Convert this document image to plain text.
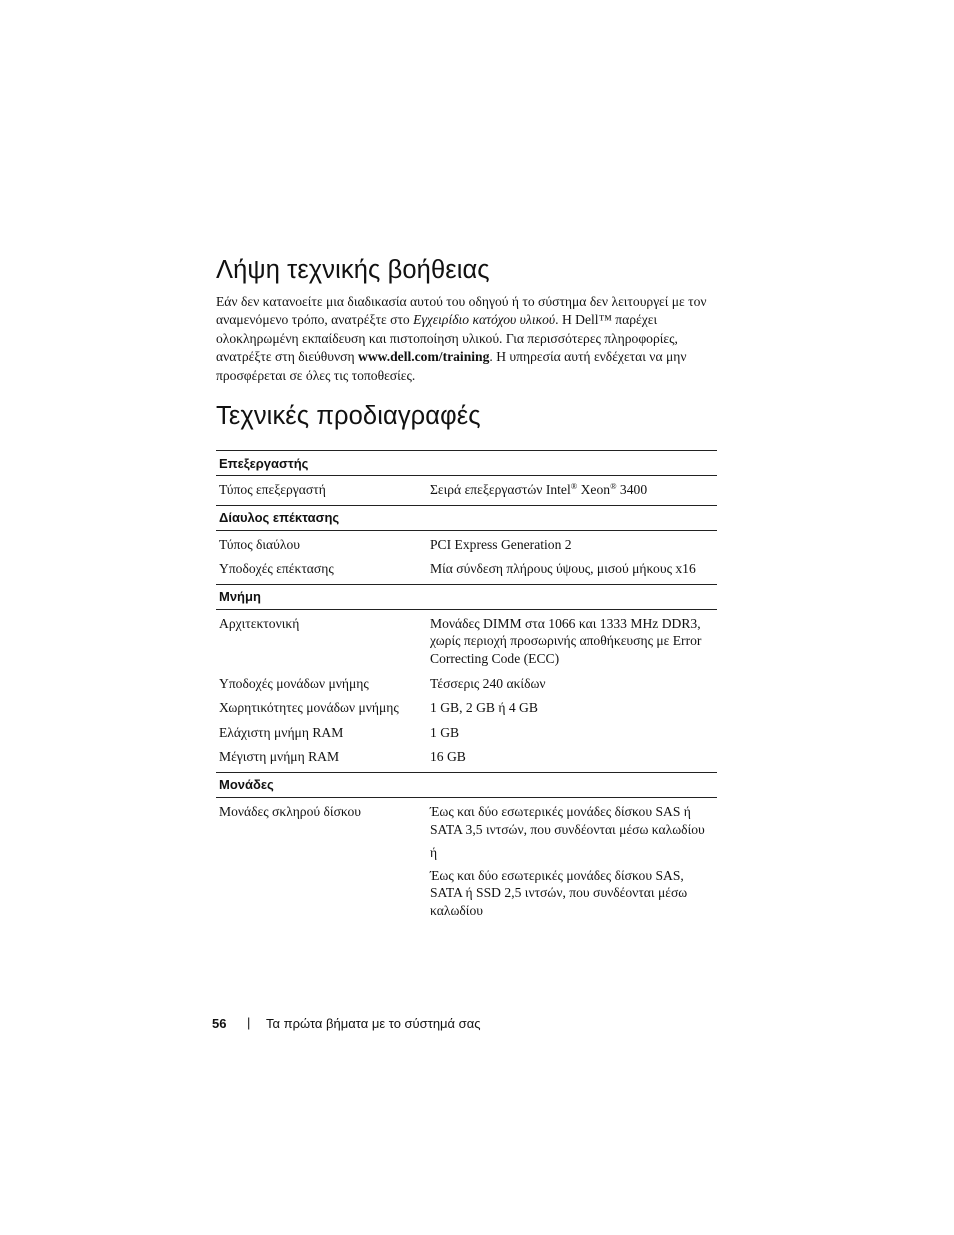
Λήψη τεχνικής βοήθειας

Εάν δεν κατανοείτε μια διαδικασία αυτού του οδηγού ή το σύστημα δεν λειτουργεί με τον αναμενόμενο τρόπο, ανατρέξτε στο Εγχειρίδιο κατόχου υλικού. Η Dell™ παρέχει ολοκληρωμένη εκπαίδευση και πιστοποίηση υλικού. Για περισσότερες πληροφορίες, ανατρέξτε στη διεύθυνση www.dell.com/training. Η υπηρεσία αυτή ενδέχεται να μην προσφέρεται σε όλες τις τοποθεσίες.

Τεχνικές προδιαγραφές
Επεξεργαστής	
Τύπος επεξεργαστή	Σειρά επεξεργαστών Intel® Xeon® 3400
Δίαυλος επέκτασης	
Τύπος διαύλου	PCI Express Generation 2

Υποδοχές επέκτασης	Μία σύνδεση πλήρους ύψους, μισού μήκους x16
Μνήμη	
Αρχιτεκτονική	Μονάδες DIMM στα 1066 και 1333 MHz DDR3, χωρίς περιοχή προσωρινής αποθήκευσης με Error Correcting Code (ECC)

Υποδοχές μονάδων μνήμης	Τέσσερις 240 ακίδων

Χωρητικότητες μονάδων μνήμης	1 GB, 2 GB ή 4 GB

Ελάχιστη μνήμη RAM	1 GB

Μέγιστη μνήμη RAM	16 GB
Μονάδες	
Μονάδες σκληρού δίσκου	Έως και δύο εσωτερικές μονάδες δίσκου SAS ή SATA 3,5 ιντσών, που συνδέονται μέσω καλωδίου

ή

Έως και δύο εσωτερικές μονάδες δίσκου SAS, SATA ή SSD 2,5 ιντσών, που συνδέονται μέσω καλωδίου

56 | Τα πρώτα βήματα με το σύστημά σας
